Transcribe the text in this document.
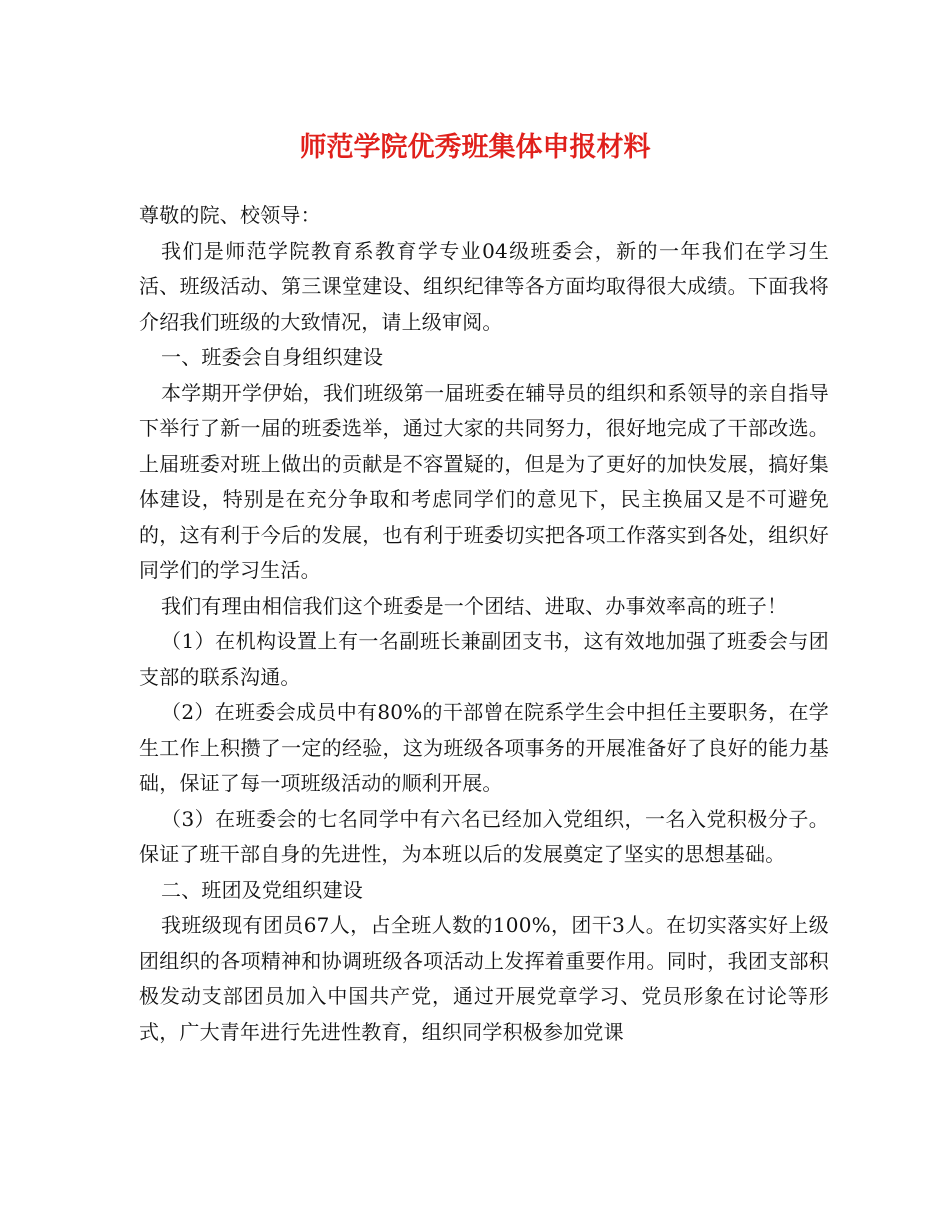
师范学院优秀班集体申报材料

尊敬的院、校领导：

我们是师范学院教育系教育学专业04级班委会，新的一年我们在学习生活、班级活动、第三课堂建设、组织纪律等各方面均取得很大成绩。下面我将介绍我们班级的大致情况，请上级审阅。

一、班委会自身组织建设

本学期开学伊始，我们班级第一届班委在辅导员的组织和系领导的亲自指导下举行了新一届的班委选举，通过大家的共同努力，很好地完成了干部改选。上届班委对班上做出的贡献是不容置疑的，但是为了更好的加快发展，搞好集体建设，特别是在充分争取和考虑同学们的意见下，民主换届又是不可避免的，这有利于今后的发展，也有利于班委切实把各项工作落实到各处，组织好同学们的学习生活。

我们有理由相信我们这个班委是一个团结、进取、办事效率高的班子！

（1）在机构设置上有一名副班长兼副团支书，这有效地加强了班委会与团支部的联系沟通。

（2）在班委会成员中有80%的干部曾在院系学生会中担任主要职务，在学生工作上积攒了一定的经验，这为班级各项事务的开展准备好了良好的能力基础，保证了每一项班级活动的顺利开展。

（3）在班委会的七名同学中有六名已经加入党组织，一名入党积极分子。保证了班干部自身的先进性，为本班以后的发展奠定了坚实的思想基础。

二、班团及党组织建设

我班级现有团员67人，占全班人数的100%，团干3人。在切实落实好上级团组织的各项精神和协调班级各项活动上发挥着重要作用。同时，我团支部积极发动支部团员加入中国共产党，通过开展党章学习、党员形象在讨论等形式，广大青年进行先进性教育，组织同学积极参加党课
